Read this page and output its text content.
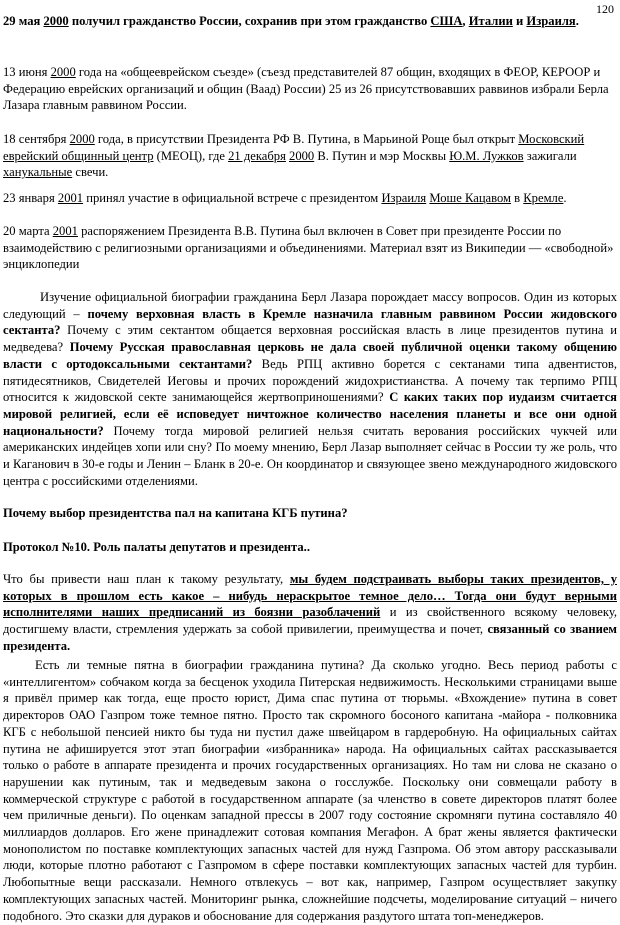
120

29 мая 2000 получил гражданство России, сохранив при этом гражданство США, Италии и Израиля.

13 июня 2000 года на «общееврейском съезде» (съезд представителей 87 общин, входящих в ФЕОР, КЕРООР и Федерацию еврейских организаций и общин (Ваад) России) 25 из 26 присутствовавших раввинов избрали Берла Лазара главным раввином России.

18 сентября 2000 года, в присутствии Президента РФ В. Путина, в Марьиной Роще был открыт Московский еврейский общинный центр (МЕОЦ), где 21 декабря 2000 В. Путин и мэр Москвы Ю.М. Лужков зажигали ханукальные свечи.

23 января 2001 принял участие в официальной встрече с президентом Израиля Моше Кацавом в Кремле.

20 марта 2001 распоряжением Президента В.В. Путина был включен в Совет при президенте России по взаимодействию с религиозными организациями и объединениями. Материал взят из Википедии — «свободной» энциклопедии

Изучение официальной биографии гражданина Берл Лазара порождает массу вопросов. Один из которых следующий – почему верховная власть в Кремле назначила главным раввином России жидовского сектанта? Почему с этим сектантом общается верховная российская власть в лице президентов путина и медведева? Почему Русская православная церковь не дала своей публичной оценки такому общению власти с ортодоксальными сектантами? Ведь РПЦ активно борется с сектанами типа адвентистов, пятидесятников, Свидетелей Иеговы и прочих порождений жидохристианства. А почему так терпимо РПЦ относится к жидовской секте занимающейся жертвоприношениями? С каких таких пор иудаизм считается мировой религией, если её исповедует ничтожное количество населения планеты и все они одной национальности? Почему тогда мировой религией нельзя считать верования российских чукчей или американских индейцев хопи или сну? По моему мнению, Берл Лазар выполняет сейчас в России ту же роль, что и Каганович в 30-е годы и Ленин – Бланк в 20-е. Он координатор и связующее звено международного жидовского центра с российскими отделениями.

Почему выбор президентства пал на капитана КГБ путина?

Протокол №10. Роль палаты депутатов и президента..

Что бы привести наш план к такому результату, мы будем подстраивать выборы таких президентов, у которых в прошлом есть какое – нибудь нераскрытое темное дело… Тогда они будут верными исполнителями наших предписаний из боязни разоблачений и из свойственного всякому человеку, достигшему власти, стремления удержать за собой привилегии, преимущества и почет, связанный со званием президента.

Есть ли темные пятна в биографии гражданина путина? Да сколько угодно. Весь период работы с «интеллигентом» собчаком когда за бесценок уходила Питерская недвижимость. Несколькими страницами выше я привёл пример как тогда, еще просто юрист, Дима спас путина от тюрьмы. «Вхождение» путина в совет директоров ОАО Газпром тоже темное пятно. Просто так скромного босоного капитана -майора - полковника КГБ с небольшой пенсией никто бы туда ни пустил даже швейцаром в гардеробную. На официальных сайтах путина не афишируется этот этап биографии «избранника» народа. На официальных сайтах рассказывается только о работе в аппарате президента и прочих государственных организациях. Но там ни слова не сказано о нарушении как путиным, так и медведевым закона о госслужбе. Поскольку они совмещали работу в коммерческой структуре с работой в государственном аппарате (за членство в совете директоров платят более чем приличные деньги). По оценкам западной прессы в 2007 году состояние скромняги путина составляло 40 миллиардов долларов. Его жене принадлежит сотовая компания Мегафон. А брат жены является фактически монополистом по поставке комплектующих запасных частей для нужд Газпрома. Об этом автору рассказывали люди, которые плотно работают с Газпромом в сфере поставки комплектующих запасных частей для турбин. Любопытные вещи рассказали. Немного отвлекусь – вот как, например, Газпром осуществляет закупку комплектующих запасных частей. Мониторинг рынка, сложнейшие подсчеты, моделирование ситуаций – ничего подобного. Это сказки для дураков и обоснование для содержания раздутого штата топ-менеджеров.
